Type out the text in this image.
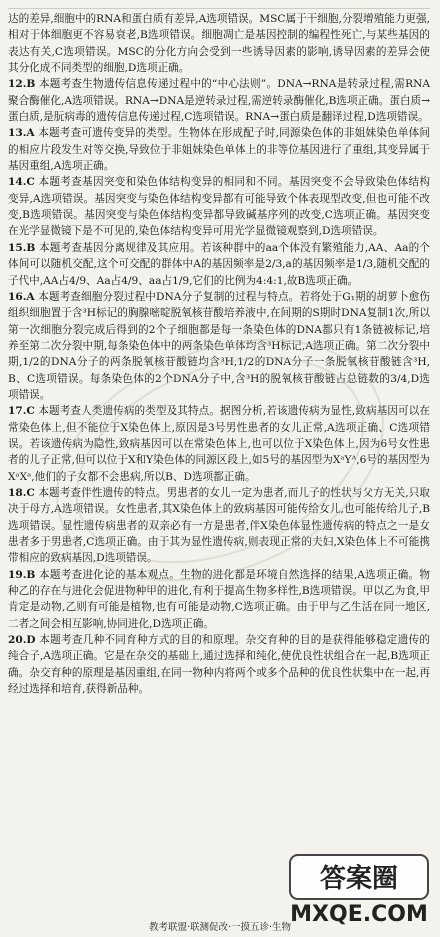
达的差异,细胞中的RNA和蛋白质有差异,A选项错误。MSC属于干细胞,分裂增殖能力更强,相对于体细胞更不容易衰老,B选项错误。细胞凋亡是基因控制的编程性死亡,与某些基因的表达有关,C选项错误。MSC的分化方向会受到一些诱导因素的影响,诱导因素的差异会使其分化成不同类型的细胞,D选项正确。

12.B 本题考查生物遗传信息传递过程中的“中心法则”。DNA→RNA是转录过程,需RNA聚合酶催化,A选项错误。RNA→DNA是逆转录过程,需逆转录酶催化,B选项正确。蛋白质→蛋白质,是朊病毒的遗传信息传递过程,C选项错误。RNA→蛋白质是翻译过程,D选项错误。

13.A 本题考查可遗传变异的类型。生物体在形成配子时,同源染色体的非姐妹染色单体间的相应片段发生对等交换,导致位于非姐妹染色单体上的非等位基因进行了重组,其变异属于基因重组,A选项正确。

14.C 本题考查基因突变和染色体结构变异的相同和不同。基因突变不会导致染色体结构变异,A选项错误。基因突变与染色体结构变异都有可能导致个体表现型改变,但也可能不改变,B选项错误。基因突变与染色体结构变异都导致碱基序列的改变,C选项正确。基因突变在光学显微镜下是不可见的,染色体结构变异可用光学显微镜观察到,D选项错误。

15.B 本题考查基因分离规律及其应用。若该种群中的aa个体没有繁殖能力,AA、Aa的个体间可以随机交配,这个可交配的群体中A的基因频率是2/3,a的基因频率是1/3,随机交配的子代中,AA占4/9、Aa占4/9、aa占1/9,它们的比例为4:4:1,故B选项正确。

16.A 本题考查细胞分裂过程中DNA分子复制的过程与特点。若将处于G₁期的胡萝卜愈伤组织细胞置于含³H标记的胸腺嘧啶脱氧核苷酸培养液中,在间期的S期时DNA复制1次,所以第一次细胞分裂完成后得到的2个子细胞都是每一条染色体的DNA都只有1条链被标记,培养至第二次分裂中期,每条染色体中的两条染色单体均含³H标记,A选项正确。第二次分裂中期,1/2的DNA分子的两条脱氧核苷酸链均含³H,1/2的DNA分子一条脱氧核苷酸链含³H,B、C选项错误。每条染色体的2个DNA分子中,含³H的脱氧核苷酸链占总链数的3/4,D选项错误。

17.C 本题考查人类遗传病的类型及其特点。据图分析,若该遗传病为显性,致病基因可以在常染色体上,但不能位于X染色体上,原因是3号男性患者的女儿正常,A选项正确、C选项错误。若该遗传病为隐性,致病基因可以在常染色体上,也可以位于X染色体上,因为6号女性患者的儿子正常,但可以位于X和Y染色体的同源区段上,如5号的基因型为XᵃYᴬ,6号的基因型为XᵃXᵃ,他们的子女都不会患病,所以B、D选项都正确。

18.C 本题考查伴性遗传的特点。男患者的女儿一定为患者,而儿子的性状与父方无关,只取决于母方,A选项错误。女性患者,其X染色体上的致病基因可能传给女儿,也可能传给儿子,B选项错误。显性遗传病患者的双亲必有一方是患者,伴X染色体显性遗传病的特点之一是女患者多于男患者,C选项正确。由于其为显性遗传病,则表现正常的夫妇,X染色体上不可能携带相应的致病基因,D选项错误。

19.B 本题考查进化论的基本观点。生物的进化都是环境自然选择的结果,A选项正确。物种乙的存在与进化会促进物种甲的进化,有利于提高生物多样性,B选项错误。甲以乙为食,甲肯定是动物,乙则有可能是植物,也有可能是动物,C选项正确。由于甲与乙生活在同一地区,二者之间会相互影响,协同进化,D选项正确。

20.D 本题考查几种不同育种方式的目的和原理。杂交育种的目的是获得能够稳定遗传的纯合子,A选项正确。它是在杂交的基础上,通过选择和纯化,使优良性状组合在一起,B选项正确。杂交育种的原理是基因重组,在同一物种内将两个或多个品种的优良性状集中在一起,再经过选择和培育,获得新品种。

答案圈
MXQE.COM
教考联盟·联测促改·一摸五诊·生物
